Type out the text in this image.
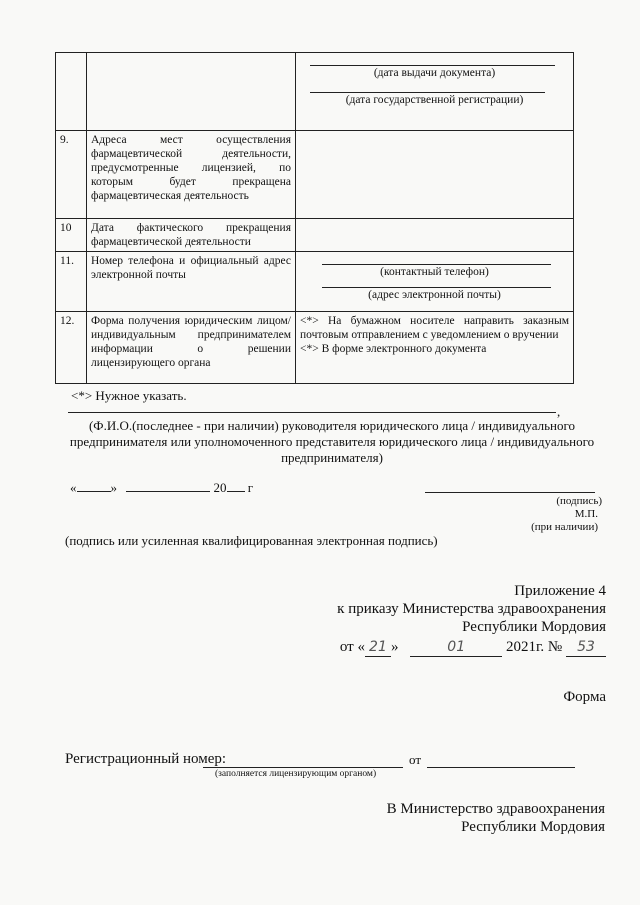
		(дата выдачи документа)
(дата государственной регистрации)

9.	Адреса мест осуществления фармацевтической деятельности, предусмотренные лицензией, по которым будет прекращена фармацевтическая деятельность	
10	Дата фактического прекращения фармацевтической деятельности	
11.	Номер телефона и официальный адрес электронной почты	(контактный телефон)
(адрес электронной почты)

12.	Форма получения юридическим лицом/индивидуальным предпринимателем информации о решении лицензирующего органа	<*> На бумажном носителе направить заказным почтовым отправлением с уведомлением о вручении
<*> В форме электронного документа
<*> Нужное указать.
,
(Ф.И.О.(последнее - при наличии) руководителя юридического лица / индивидуального предпринимателя или уполномоченного представителя юридического лица / индивидуального предпринимателя)
«	»	20 г
(подпись)
М.П.
(при наличии)
(подпись или усиленная квалифицированная электронная подпись)
Приложение 4
к приказу Министерства здравоохранения
Республики Мордовия
от « 21 »	01	2021г. № 53
Форма
Регистрационный номер:	от
(заполняется лицензирующим органом)
В Министерство здравоохранения
Республики Мордовия
